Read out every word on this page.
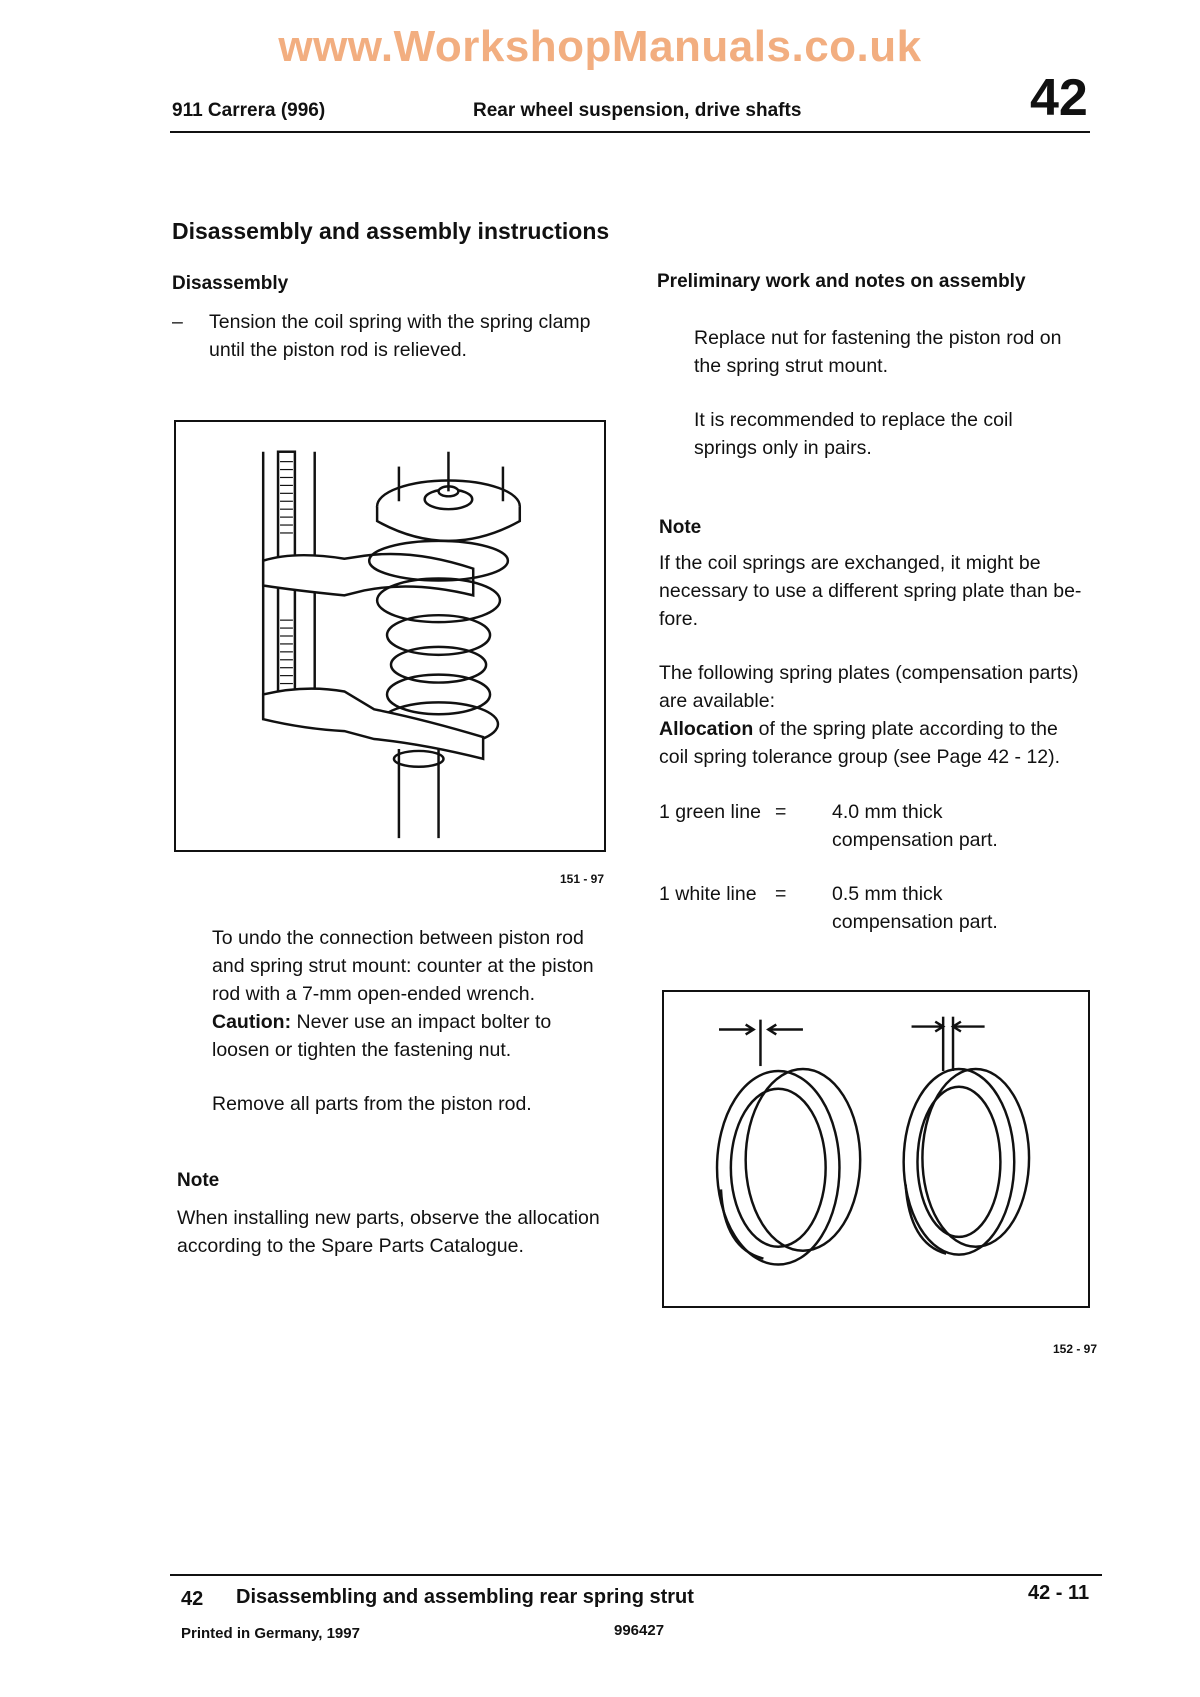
www.WorkshopManuals.co.uk
911 Carrera (996)	Rear wheel suspension, drive shafts	42
Disassembly and assembly instructions
Disassembly
– Tension the coil spring with the spring clamp
until the piston rod is relieved.
151 - 97
To undo the connection between piston rod
and spring strut mount: counter at the piston
rod with a 7-mm open-ended wrench.
Caution: Never use an impact bolter to
loosen or tighten the fastening nut.
Remove all parts from the piston rod.
Note
When installing new parts, observe the allocation
according to the Spare Parts Catalogue.
Preliminary work and notes on assembly
Replace nut for fastening the piston rod on
the spring strut mount.
It is recommended to replace the coil
springs only in pairs.
Note
If the coil springs are exchanged, it might be
necessary to use a different spring plate than be-
fore.
The following spring plates (compensation parts)
are available:
Allocation of the spring plate according to the
coil spring tolerance group (see Page 42 - 12).
1 green line = 4.0 mm thick
compensation part.
1 white line = 0.5 mm thick
compensation part.
152 - 97
42 Disassembling and assembling rear spring strut	42 - 11
Printed in Germany, 1997	996427
